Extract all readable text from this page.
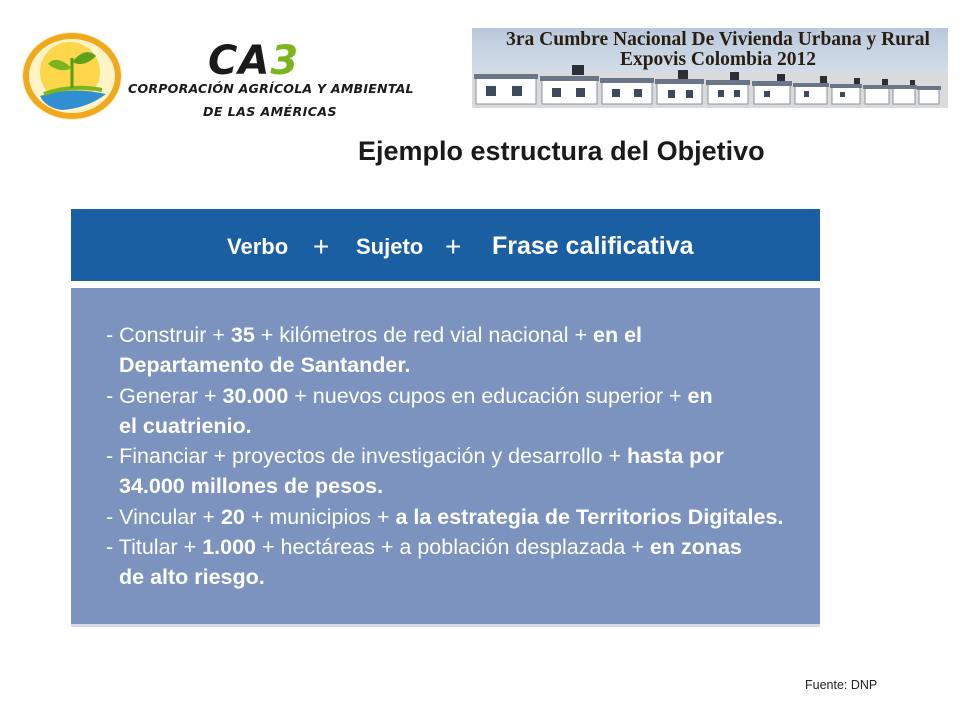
CA3
CORPORACIÓN AGRÍCOLA Y AMBIENTAL
DE LAS AMÉRICAS
3ra Cumbre Nacional De Vivienda Urbana y Rural
Expovis Colombia 2012
Ejemplo estructura del Objetivo
Verbo + Sujeto + Frase calificativa
- Construir + 35 + kilómetros de red vial nacional + en el
Departamento de Santander.
- Generar + 30.000 + nuevos cupos en educación superior + en
el cuatrienio.
- Financiar + proyectos de investigación y desarrollo + hasta por
34.000 millones de pesos.
- Vincular + 20 + municipios + a la estrategia de Territorios Digitales.
- Titular + 1.000 + hectáreas + a población desplazada + en zonas
de alto riesgo.
Fuente: DNP
